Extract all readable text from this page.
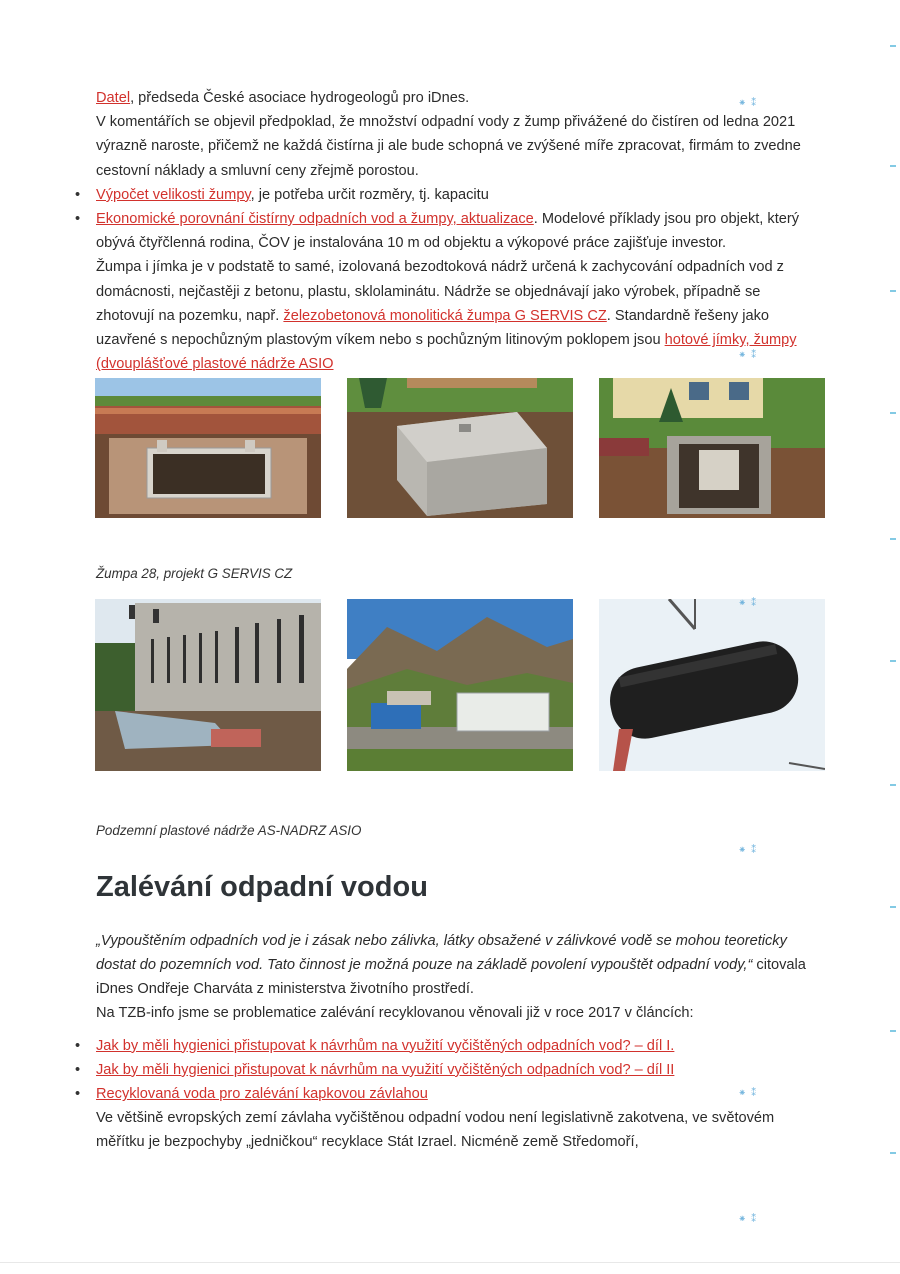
Datel, předseda České asociace hydrogeologů pro iDnes.

V komentářích se objevil předpoklad, že množství odpadní vody z žump přivážené do čistíren od ledna 2021 výrazně naroste, přičemž ne každá čistírna ji ale bude schopná ve zvýšené míře zpracovat, firmám to zvedne cestovní náklady a smluvní ceny zřejmě porostou.

• Výpočet velikosti žumpy, je potřeba určit rozměry, tj. kapacitu
• Ekonomické porovnání čistírny odpadních vod a žumpy, aktualizace. Modelové příklady jsou pro objekt, který obývá čtyřčlenná rodina, ČOV je instalována 10 m od objektu a výkopové práce zajišťuje investor.

Žumpa i jímka je v podstatě to samé, izolovaná bezodtoková nádrž určená k zachycování odpadních vod z domácnosti, nejčastěji z betonu, plastu, sklolaminátu. Nádrže se objednávají jako výrobek, případně se zhotovují na pozemku, např. železobetonová monolitická žumpa G SERVIS CZ. Standardně řešeny jako uzavřené s nepochůzným plastovým víkem nebo s pochůzným litinovým poklopem jsou hotové jímky, žumpy (dvouplášťové plastové nádrže ASIO

Žumpa 28, projekt G SERVIS CZ

Podzemní plastové nádrže AS-NADRZ ASIO

Zalévání odpadní vodou

„Vypouštěním odpadních vod je i zásak nebo zálivka, látky obsažené v zálivkové vodě se mohou teoreticky dostat do pozemních vod. Tato činnost je možná pouze na základě povolení vypouštět odpadní vody,“ citovala iDnes Ondřeje Charváta z ministerstva životního prostředí.

Na TZB-info jsme se problematice zalévání recyklovanou věnovali již v roce 2017 v článcích:

• Jak by měli hygienici přistupovat k návrhům na využití vyčištěných odpadních vod? – díl I.
• Jak by měli hygienici přistupovat k návrhům na využití vyčištěných odpadních vod? – díl II
• Recyklovaná voda pro zalévání kapkovou závlahou

Ve většině evropských zemí závlaha vyčištěnou odpadní vodou není legislativně zakotvena, ve světovém měřítku je bezpochyby „jedničkou“ recyklace Stát Izrael. Nicméně země Středomoří,

⁕ ⁑
⁕ ⁑
⁕ ⁑
⁕ ⁑
⁕ ⁑
⁕ ⁑
